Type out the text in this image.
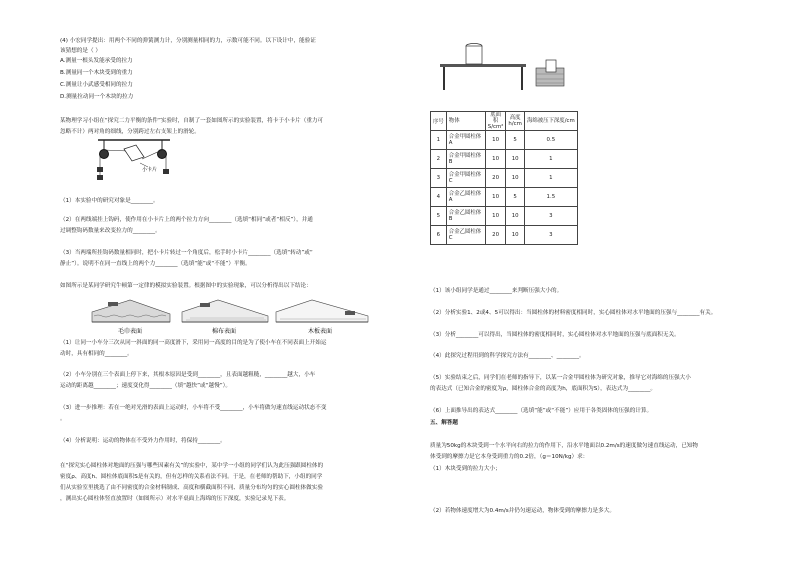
(4) 小宏同学提出：用两个不同的弹簧测力计，分别测量相同的力，示数可能不同。以下设计中，能验证
该猜想的是（ ）
A.测量一根头发能承受的拉力
B.测量同一个木块受到的重力
C.测量让小武感受相同的拉力
D.测量拉动同一个木块的拉力
某物理学习小组在“探究二力平衡的条件”实验时，自制了一套如图所示的实验装置，将卡于小卡片（重力可
忽略不计）两对角的细线，分别跨过左右支架上的滑轮。
小卡片
（1）本实验中的研究对象是________。
（2）在两线端挂上钩码，使作用在小卡片上的两个拉力方向________（选填“相同”或者“相反”），并通
过调整钩码数量来改变拉力的________。
（3）当两端所挂钩码数量相同时，把小卡片转过一个角度后，松手时小卡片________（选填“转动”或“
静止”）。说明不在同一直线上的两个力________（选填“能”或“不能”）平衡。
如图所示是某同学研究牛顿第一定律的模拟实验装置。根据图中的实验现象，可以分析得出以下结论：
毛巾表面	棉布表面	木板表面
（1）让同一小车分三次从同一斜面的同一高度滑下，采用同一高度的目的是为了使小车在不同表面上开始运
动时，具有相同的________。
（2）小车分别在三个表面上停下来，其根本原因是受到________，且表面越粗糙，________越大，小车
运动的距离越________；速度变化得________（填“越快”或“越慢”）。
（3）进一步推理：若在一绝对光滑的表面上运动时，小车将不受________，小车将做匀速直线运动状态不变
。
（4）分析说明：运动的物体在不受外力作用时，将保持________。
在“探究实心圆柱体对地面的压强与哪些因素有关”的实验中，某中学一小组的同学们认为此压强跟圆柱体的
密度ρ、高度h、圆柱体底面积S是有关的，但有怎样的关系看法不同。于是，在老师的帮助下，小组的同学
们从实验室里挑选了由不同密度的合金材料制成、高度和横截面积不同、质量分布均匀的实心圆柱体做实验
，测出实心圆柱体竖直放置时（如图所示）对水平桌面上海绵的压下深度，实验记录见下表。
序号	物体	底面积S/cm²	高度h/cm	海绵被压下深度/cm
1	合金甲圆柱体A	10	5	0.5
2	合金甲圆柱体B	10	10	1
3	合金甲圆柱体C	20	10	1
4	合金乙圆柱体A	10	5	1.5
5	合金乙圆柱体B	10	10	3
6	合金乙圆柱体C	20	10	3
（1）该小组同学是通过________来判断压强大小的。
（2）分析实验1、2或4、5可以得出：当圆柱体的材料密度相同时，实心圆柱体对水平地面的压强与________有关。
（3）分析________可以得出，当圆柱体的密度相同时，实心圆柱体对水平地面的压强与底面积无关。
（4）此探究过程用到的科学探究方法有________、________。
（5）实验结束之后，同学们在老师的指导下，以某一合金甲圆柱体为研究对象，推导它对海绵的压强大小
的表达式（已知合金的密度为ρ，圆柱体合金的高度为h，底面积为S），表达式为________。
（6）上面推导出的表达式________（选填“能”或“不能”）应用于各类固体的压强的计算。
五、解答题
质量为50kg的木块受到一个水平向右的拉力的作用下，沿水平地面以0.2m/s的速度做匀速直线运动，已知物
体受到的摩擦力是它本身受到重力的0.2倍，（g＝10N/kg）求：
（1）木块受到的拉力大小；
（2）若物体速度增大为0.4m/s并仍匀速运动，物体受到的摩擦力是多大。
